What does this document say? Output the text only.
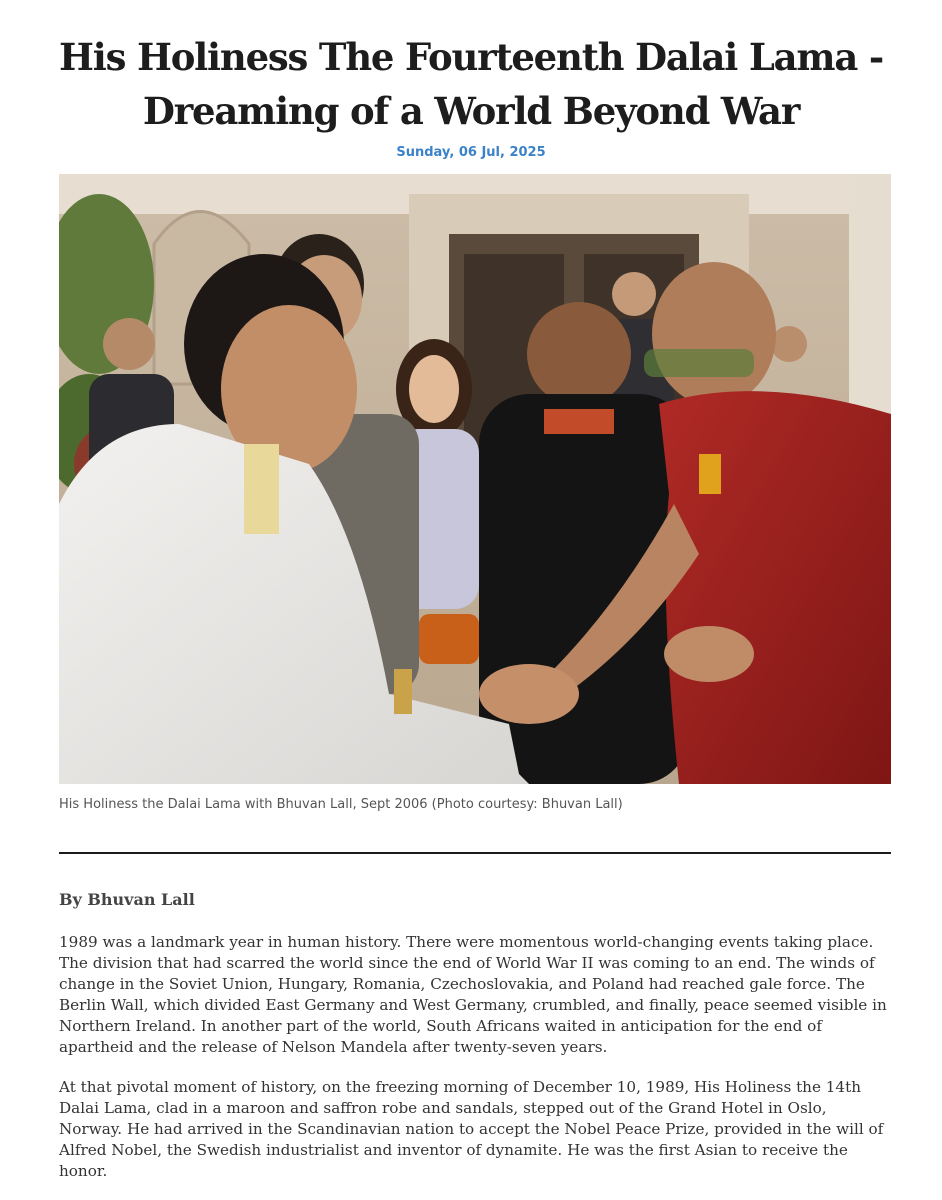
His Holiness The Fourteenth Dalai Lama - Dreaming of a World Beyond War
Sunday, 06 Jul, 2025
His Holiness the Dalai Lama with Bhuvan Lall, Sept 2006 (Photo courtesy: Bhuvan Lall)
By Bhuvan Lall

1989 was a landmark year in human history. There were momentous world-changing events taking place. The division that had scarred the world since the end of World War II was coming to an end. The winds of change in the Soviet Union, Hungary, Romania, Czechoslovakia, and Poland had reached gale force. The Berlin Wall, which divided East Germany and West Germany, crumbled, and finally, peace seemed visible in Northern Ireland. In another part of the world, South Africans waited in anticipation for the end of apartheid and the release of Nelson Mandela after twenty-seven years.

At that pivotal moment of history, on the freezing morning of December 10, 1989, His Holiness the 14th Dalai Lama, clad in a maroon and saffron robe and sandals, stepped out of the Grand Hotel in Oslo, Norway. He had arrived in the Scandinavian nation to accept the Nobel Peace Prize, provided in the will of Alfred Nobel, the Swedish industrialist and inventor of dynamite. He was the first Asian to receive the honor.
